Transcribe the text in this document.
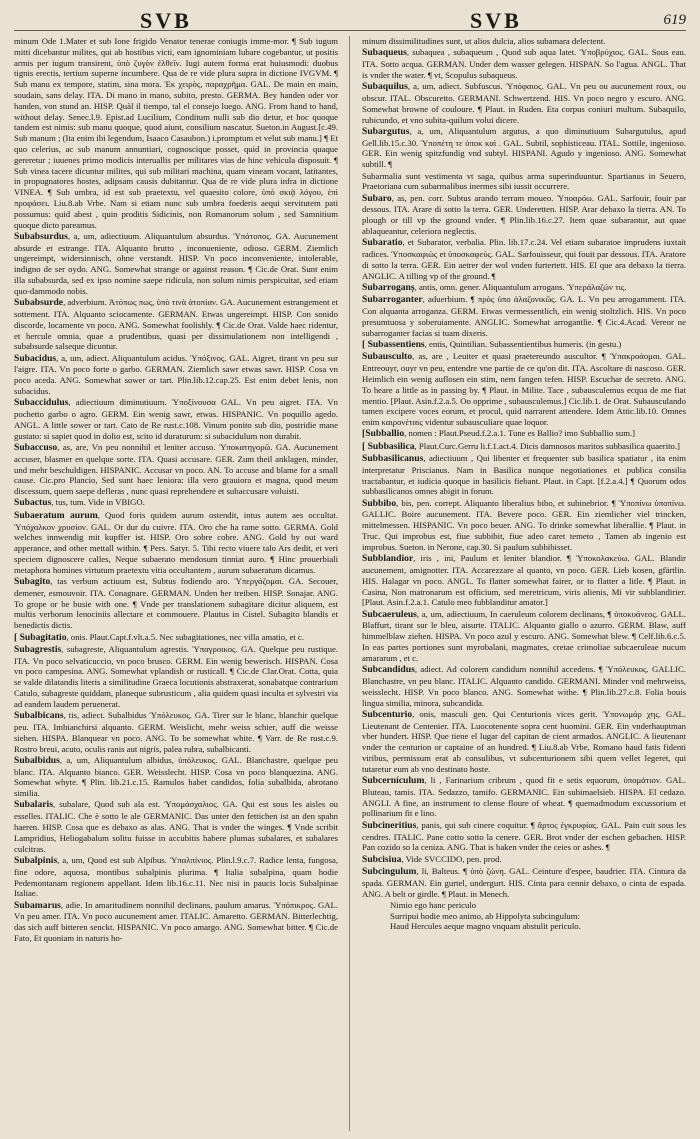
SVB	SVB	619

minum Ode 1.Mater et sub Ione frigido Venator tenerae coniugis imme-mor. ¶ Sub iugum mitti dicebantur milites, qui ab hostibus victi, eam ignominiam lubare cogebantur, ut positis armis per iugum transirent, ὑπὸ ζυγὸν ἐλθεῖν. Iugi autem forma erat huiusmodi: duobus tignis erectis, tertium superne incumbere. Qua de re vide plura supra in dictione IVGVM. ¶ Sub manu ex tempore, statim, sina mora. Ἐκ χειρὸς, παραχρῆμα. GAL. De main en main, soudain, sans delay. ITA. Di mano in mano, subito, presto. GERMA. Bey handen oder vor handen, von stund an. HISP. Quàl il tiempo, tal el consejo luego. ANG. From hand to hand, without delay. Senec.l.9. Epist.ad Lucilium, Conditum nulli sub dio detur, et hoc quoque tandem est nimis: sub manu quoque, quod aiunt, consilium nascatur. Sueton.in August.[c.49. Sub manum ; (Ita enim ibi legendum, Isaaco Casaubon.) i.promptum et velut sub manu.] ¶ Et quo celerius, ac sub manum annuntiari, cognoscique posset, quid in provincia quaque gereretur ; iuuenes primo modicis interuallis per militares vias de hinc vehicula disposuit. ¶ Sub vinea tacere dicuntur milites, qui sub militari machina, quam vineam vocant, latitantes, in propugnatores hostes, adipsam causis dubitantur. Qua de re vide plura infra in dictione VINEA. ¶ Sub umbra, id est sub praetextu, vel quaesito colore, ὑπὸ σκιᾷ λόγου, ἐπὶ προφάσει. Liu.8.ab Vrbe. Nam si etiam nunc sub umbra foederis aequi servitutem pati possumus: quid abest , quin proditis Sidicinis, non Romanorum solum , sed Samnitium quoque dicto pareamus.

Subabsurdus, a, um, adiectiuum. Aliquantulum absurdus. Ὑπάτοπος. GA. Aucunement absurde et estrange. ITA. Alquanto brutto , inconueniente, odioso. GERM. Ziemlich ungereimpt, widersinnisch, ohne verstandt. HISP. Vn poco inconveniente, intolerable, indigno de ser oydo. ANG. Somewhat strange or against reason. ¶ Cic.de Orat. Sunt enim illa subabsurda, sed ex ipso nomine saepe ridicula, non solum nimis perspicuitat, sed etiam quo-dammodo nobis.

Subabsurde, adverbium. Ἀτόπως πως, ὑπὸ τινὰ ἀτοπίαν. GA. Aucunement estrangement et sottement. ITA. Alquanto sciocamente. GERMAN. Etwas ungereimpt. HISP. Con sonido discorde, locamente vn poco. ANG. Somewhat foolishly. ¶ Cic.de Orat. Valde haec ridentur, et hercule omnia, quae a prudentibus, quasi per dissimulationem non intelligendi , subabsurde salseque dicuntur.

Subacidus, a, um, adiect. Aliquantulum acidus. Ὑπόξινος. GAL. Aigret, tirant vn peu sur l'aigre. ITA. Vn poco forte o garbo. GERMAN. Ziemlich sawr etwas sawr. HISP. Cosa vn poco aceda. ANG. Somewhat sower or tart. Plin.lib.12.cap.25. Est enim debet lenis, non subacidus.

Subaccidulus, adiectiuum diminutiuum. Ὑποξίνουσα GAL. Vn peu aigret. ITA. Vn pochetto garbo o agro. GERM. Ein wenig sawr, etwas. HISPANIC. Vn poquillo agedo. ANGL. A little sower or tart. Cato de Re rust.c.108. Vinum ponito sub dio, postridie mane gustato: si sapiet quod in dolio est, scito id duraturum: si subacidulum non durabit.

Subaccuso, as, are, Vn peu nonnihil et leniter accuso. Ὑποκατηγορῶ. GA. Aucunement accuser, blasmer en quelque sorte. ITA. Quasi accusare. GER. Zum theil anklagen, minder, und mehr beschuldigen. HISPANIC. Accusar vn poco. AN. To accuse and blame for a small cause. Cic.pro Plancio, Sed sunt haec leniora: illa vero grauiora et magna, quod meum discessum, quem saepe defleras , nunc quasi reprehendere et subaccusare voluisti.

Subactus, tus, tum. Vide in VBIGO.

Subaeratum aurum, Quod foris quidem aurum ostendit, intus autem aes occultat. Ὑπόχαλκον χρυσίον. GAL. Or dur du cuivre. ITA. Oro che ha rame sotto. GERMA. Gold welches innwendig mit kupffer ist. HISP. Oro sobre cobre. ANG. Gold by out ward apperance, and other mettall within. ¶ Pers. Satyr. 5. Tibi recto viuere talo Ars dedit, et veri speciem dignoscere calles, Neque subaerato mendosum tinniat auro. ¶ Hinc prouerbiali metaphora homines virtutum praetextu vitia occultantem , aurum subaeratum dicamus.

Subagito, tas verbum actiuum est, Subtus fodiendo aro. Ὑπεργάζομαι. GA. Secouer, demener, esmouvoir. ITA. Conagnare. GERMAN. Unden her treiben. HISP. Sonajar. ANG. To grope or be busie with one. ¶ Vnde per translationem subagitare dicitur aliquem, est multis verborum lenociniis allectare et commouere. Plautus in Cistel. Subagito blandis et benedictis dictis.

[ Subagitatio, onis. Plaut.Capt.f.vlt.a.5. Nec subagitationes, nec villa amatio, et c.

Subagrestis, subagreste, Aliquantulum agrestis. Ὑπαγροικος. GA. Quelque peu rustique. ITA. Vn poco selvaticuccio, vn poco brusco. GERM. Ein wenig bewerisch. HISPAN. Cosa vn poco campesina. ANG. Somewhat vplandish or rusticall. ¶ Cic.de Clar.Orat. Cotta, quia se valde dilatandis literis a similitudine Graeca locutionis abstraxerat, sonabatque contrarium Catulo, subagreste quiddam, planeque subrusticum , alia quidem quasi inculta et sylvestri via ad eandem laudem peruenerat.

Subalbicans, tis, adiect. Subalbidus Ὑπόλευκος. GA. Tirer sur le blanc, blanchir quelque peu. ITA. Imbianchirsi alquanto. GERM. Weislicht, mehr weiss schier, auff die weisse siehen. HISPA. Blanquear vn poco. ANG. To be somewhat white. ¶ Varr. de Re rust.c.9. Rostro breui, acuto, oculis ranis aut nigris, palea rubra, subalbicanti.

Subalbidus, a, um, Aliquantulum albidus, ὑπόλευκος. GAL. Blanchastre, quelque peu blanc. ITA. Alquanto bianco. GER. Weisslecht. HISP. Cosa vn poco blanquezina. ANG. Somewhat whyte. ¶ Plin. lib.21.c.15. Ramulos habet candidos, folia subalbida, abrotano similia.

Subalaris, subalare, Quod sub ala est. Ὑπομάσχαλιος. GA. Qui est sous les aisles ou esselles. ITALIC. Che è sotto le ale GERMANIC. Das unter den fettichen ist an den spahn haeren. HISP. Cosa que es debaxo as alas. ANG. That is vnder the winges. ¶ Vnde scribit Lampridius, Heliogabalum solitu fuisse in accubitis habere plumas subalares, et subalares culcitras.

Subalpinis, a, um, Quod est sub Alpibus. Ὑπαλπίνιος. Plin.l.9.c.7. Radice lenta, fungosa, fine odore, aquosa, montibus subalpinis plurima. ¶ Italia subalpina, quam hodie Pedemontanam regionem appellant. Idem lib.16.c.11. Nec nisi in paucis locis Subalpinae Italiae.

Subamarus, adie. In amaritudinem nonnihil declinans, paulum amarus. Ὑπόπικρος. GAL. Vn peu amer. ITA. Vn poco aucunement amer. ITALIC. Amaretto. GERMAN. Bitterlechtig, das sich auff bitteren senckt. HISPANIC. Vn poco amargo. ANG. Somewhat bitter. ¶ Cic.de Fato, Et quoniam in naturis ho-

minum dissimilitudines sunt, ut alios dulcia, alios subamara delectent.

Subaqueus, subaquea , subaqueum , Quod sub aqua latet. Ὑποβρύχιος. GAL. Sous eau. ITA. Sotto acqua. GERMAN. Under dem wasser gelegen. HISPAN. So l'agua. ANGL. That is vnder the water. ¶ vt, Scopulus subaqueus.

Subaquilus, a, um, adiect. Subfuscus. Ὑπόφαιος. GAL. Vn peu ou aucunement roux, ou obscur. ITAL. Obscuretto. GERMANI. Schwertzend. HIS. Vn poco negro y escuro. ANG. Somewhat browne of couloure. ¶ Plaut. in Ruden. Eta corpus coniuri multum. Subaquilo, rubicundo, et vno subita-quilum volui dicere.

Subargutus, a, um, Aliquantulum argutus, a quo diminutiuum Subargutulus, apud Gell.lib.15.c.30. Ὑποπέτη τε ὑποκ καὶ . GAL. Subtil, sophisticeau. ITAL. Sottile, ingenioso. GER. Ein wenig spitzfundig vnd subtyl. HISPANI. Agudo y ingenioso. ANG. Somewhat subtill. ¶

Subarmalia sunt vestimenta vt saga, quibus arma superinduuntur. Spartianus in Seuero, Praetoriana cum subarmalibus inermes sibi iussit occurrere.

Subaro, as, pen. corr. Subtus arando terram moueo. Ὑποαρόω. GAL. Sarfouir, fouir par dessous. ITA. Arare di sotto la terra. GER. Underetten. HISP. Arar debaxo la tierra. AN. To plough or till vp the ground vnder. ¶ Plin.lib.16.c.27. Item quae subarantur, aut quae ablaqueantur, celeriora neglectis.

Subaratio, et Subarator, verbalia. Plin. lib.17.c.24. Vel etiam subaratoe imprudens iuxtait radices. Ὑποσκαφιὼς et ὑποσκαφεὺς. GAL. Sarfouisseur, qui fouit par dessous. ITA. Aratore di sotto la terra. GER. Ein aetrer der wol vnden furtertett. HIS. El que ara debaxo la tierra. ANGLIC. A tilling vp of the ground. ¶

Subarroganș, antis, omn. gener. Aliquantulum arrogans. Ὑπεράλαζών τις.

Subarroganter, aduerbium. ¶ πρὸς ὑπο ἀλαζονικῶς. GA. L. Vn peu arrogamment. ITA. Con alquanta arroganza. GERM. Etwas vermessentlich, ein wenig stoltzlich. HIS. Vn poco presumtuosa y soberuiamente. ANGLIC. Somewhat arrogantlie. ¶ Cic.4.Acad. Vereor ne subarroganter facias si tuam dixeris.

[ Subassentiens, entis, Quintilian. Subassentientibus humeris. (in gestu.)

Subausculto, as, are , Leuiter et quasi praetereundo auscultor. ¶ Ὑπακροάομαι. GAL. Entreouyr, ouyr vn peu, entendre vne partie de ce qu'on dit. ITA. Ascoltare di nascoso. GER. Heimlich ein wenig auflosen ein stim, nem fangen tefen. HISP. Escuchar de secreto. ANG. To heare a little as in passing by. ¶ Plaut. in Milite. Tace , subausculemus ecqua de me fiat mentio. [Plaut. Asin.f.2.a.5. Oo opprime , subausculemus.] Cic.lib.1. de Orat. Subausculando tamen excipere voces eorum, et procul, quid narrarent attendere. Idem Attic.lib.10. Omnes enim καιρονέταις videntur subausculiare quae loquor.

[Subballio, nomen : Plaut.Pseud.f.2.a.1. Tune es Ballio? imo Subballio sum.]

[ Subbasilica, Plaut.Curc.Gerru li.f.1.act.4. Dicis damnosos maritos subbasilica quaerito.]

Subbasilicanus, adiectiuum , Qui libenter et frequenter sub basilica spatiatur , ita enim interpretatur Priscianus. Nam in Basilica nunque negotiationes et publica consilia tractabantur, et iudicia quoque in basilicis fiebant. Plaut. in Capt. [f.2.a.4.] ¶ Quorum odos subbasilicanos omnes abigit in forum.

Subbibo, bis, pen. corrept. Aliquanto liberalius bibo, et subinebrior. ¶ Ὑποπίνω ὑποπίνω. GALLIC. Boire aucunement. ITA. Bevere poco. GER. Ein ziemlicher viel trincken, mittelmessen. HISPANIC. Vn poco beuer. ANG. To drinke somewhat liberallie. ¶ Plaut. in Truc. Qui improbus est, fiue subbibit, fiue adeo caret temeto , Tamen ab ingenio est improbus. Sueton. in Nerone, cap.30. Si paulum subbibisset.

Subblandior, iris , ini, Paulum et leniter blandior. ¶ Ὑποκολακεύω. GAL. Blandir aucunement, amignotter. ITA. Accarezzare al quanto, vn poco. GER. Lieb kosen, gfärtlin. HIS. Halagar vn poco. ANGL. To flatter somewhat fairer, or to flatter a litle. ¶ Plaut. in Casina, Non matronarum est officium, sed meretricum, viris alienis, Mi vir subblandirier. [Plaut. Asin.f.2.a.1. Catulo meo fubblanditur amator.]

Subcaeruleus, a, um, adiectiuum, In caeruleum colorem declinans, ¶ ὑποκυάνεος. GALL. Blaffurt, tirant sur le bleu, aisurte. ITALIC. Alquanto giallo o azurro. GERM. Blaw, auff himmelblaw ziehen. HISPA. Vn poco azul y escuro. ANG. Somewhat blew. ¶ Celf.lib.6.c.5. In eas partes portiones sunt myrobalani, magmates, cretae crimoliae subcaeruleae nucum amararum , et c.

Subcandidus, adiect. Ad colorem candidum nonnihil accedens. ¶ Ὑπόλευκος. GALLIC. Blanchastre, vn peu blanc. ITALIC. Alquanto candido. GERMANI. Minder vnd mehrweiss, weisslecht. HISP. Vn poco blanco. ANG. Somewhat withe. ¶ Plin.lib.27.c.8. Folia bouis lingua similia, minora, subcandida.

Subcenturio, onis, masculi gen. Qui Centurionis vices gerit. Ὑπονωμάρ χης. GAL. Lieutenant de Centenier. ITA. Luocotenente sopra cent huomini. GER. Ein vnderhauptman vber hundert. HISP. Que tiene el lugar del capitan de cient armados. ANGLIC. A lieutenant vnder the centurion or captaine of an hundred. ¶ Liu.8.ab Vrbe, Romano haud fatis fidenti viribus, permissum erat ab consulibus, vt subcenturionem sibi quem vellet legeret, qui tutaretur eum ab vno destinato hoste.

Subcernículum, li , Farinarium cribrum , quod fit e setis equorum, ὑπομάτιον. GAL. Bluteau, tamis. ITA. Sedazzo, tamifo. GERMANIC. Ein subimaelsieb. HISPA. El cedazo. ANGLI. A fine, an instrument to clense floure of wheat. ¶ quemadmodum excussorium et pollinarium fit e lino.

Subcineritius, panis, qui sub cinere coquitur. ¶ ἄρτος ἐγκρυφίας. GAL. Pain cuit sous les cendres. ITALIC. Pane cotto sotto la cenere. GER. Brot vnder der eschen gebachen. HISP. Pan cozido so la ceniza. ANG. That is baken vnder the ceies or ashes. ¶

Subcisiua, Vide SVCCIDO, pen. prod.

Subcingulum, li, Balteus. ¶ ὑπὸ ζώνη. GAL. Ceinture d'espee, baudrier. ITA. Cintura da spada. GERMAN. Ein gurtel, undergurt. HIS. Cinta para cennir debaxo, o cinta de espada. ANG. A belt or girdle. ¶ Plaut. in Menech.

Nimio ego hanc periculo

Surripui hodie meo animo, ab Hippolyta subcingulum:

Haud Hercules aeque magno vnquam abstulit periculo.
